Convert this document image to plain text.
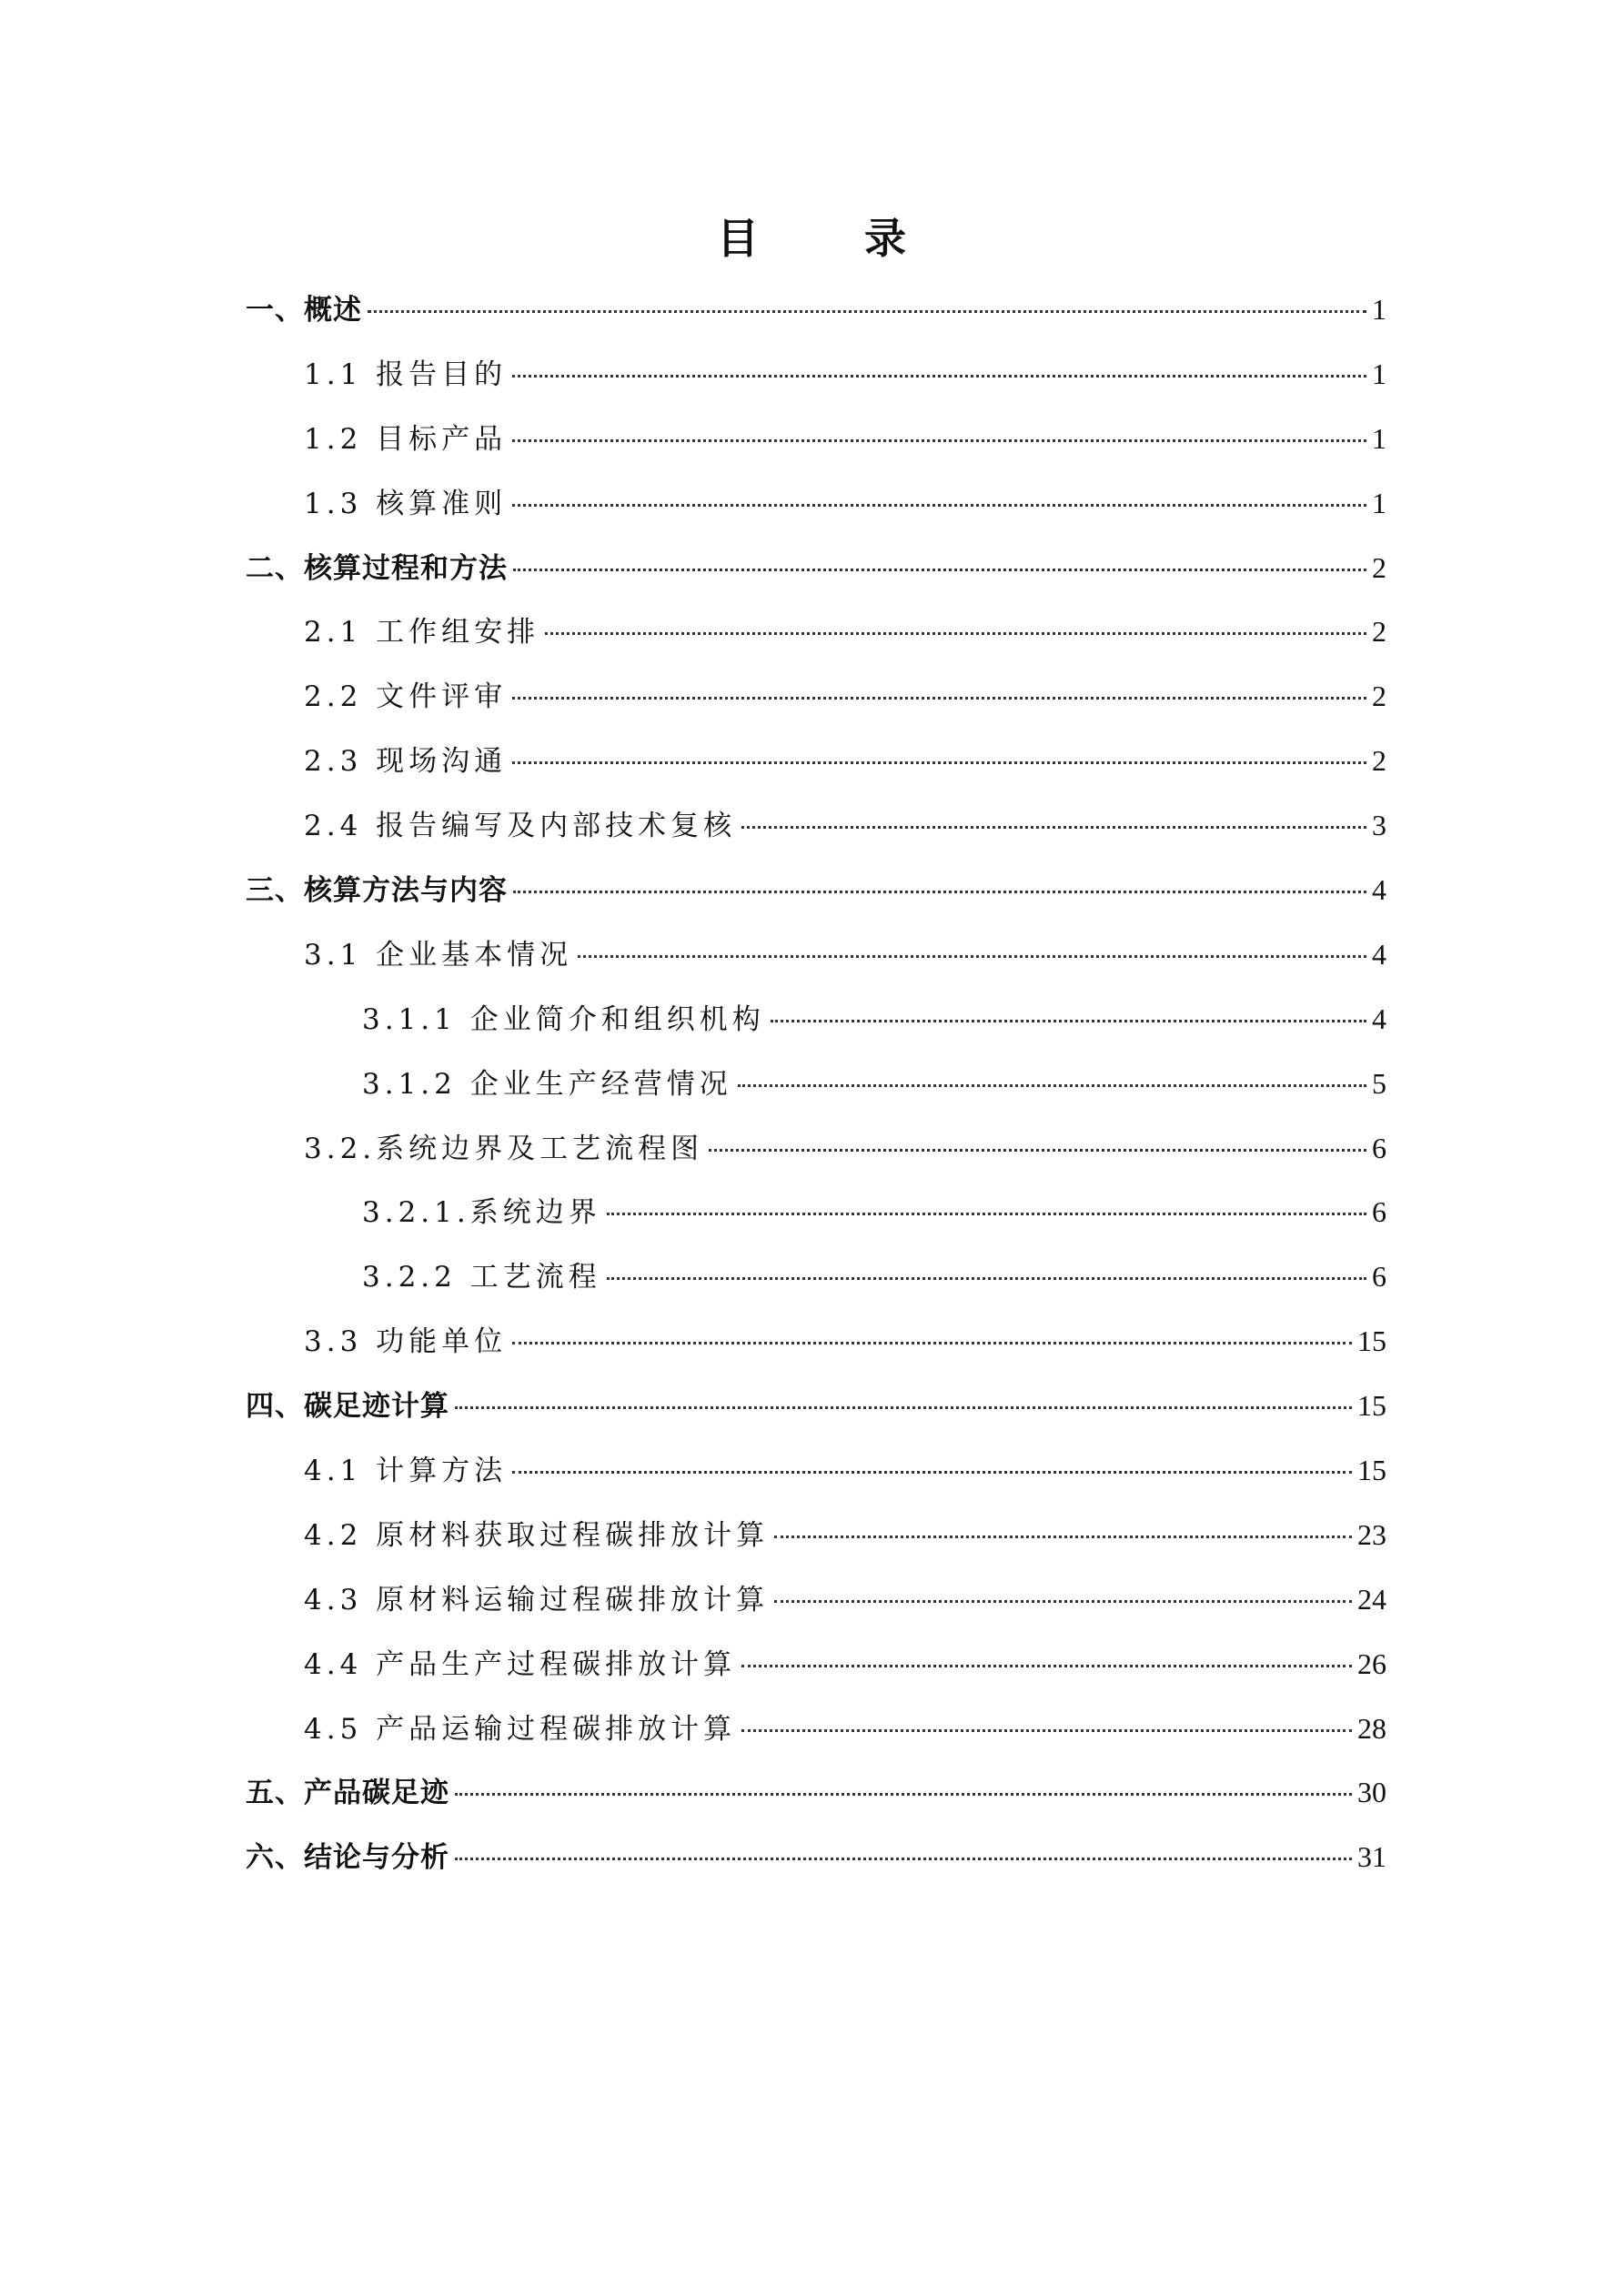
目 录
一、概述	1
1.1 报告目的	1
1.2 目标产品	1
1.3 核算准则	1
二、核算过程和方法	2
2.1 工作组安排	2
2.2 文件评审	2
2.3 现场沟通	2
2.4 报告编写及内部技术复核	3
三、核算方法与内容	4
3.1 企业基本情况	4
3.1.1 企业简介和组织机构	4
3.1.2 企业生产经营情况	5
3.2.系统边界及工艺流程图	6
3.2.1.系统边界	6
3.2.2 工艺流程	6
3.3 功能单位	15
四、碳足迹计算	15
4.1 计算方法	15
4.2 原材料获取过程碳排放计算	23
4.3 原材料运输过程碳排放计算	24
4.4 产品生产过程碳排放计算	26
4.5 产品运输过程碳排放计算	28
五、产品碳足迹	30
六、结论与分析	31
